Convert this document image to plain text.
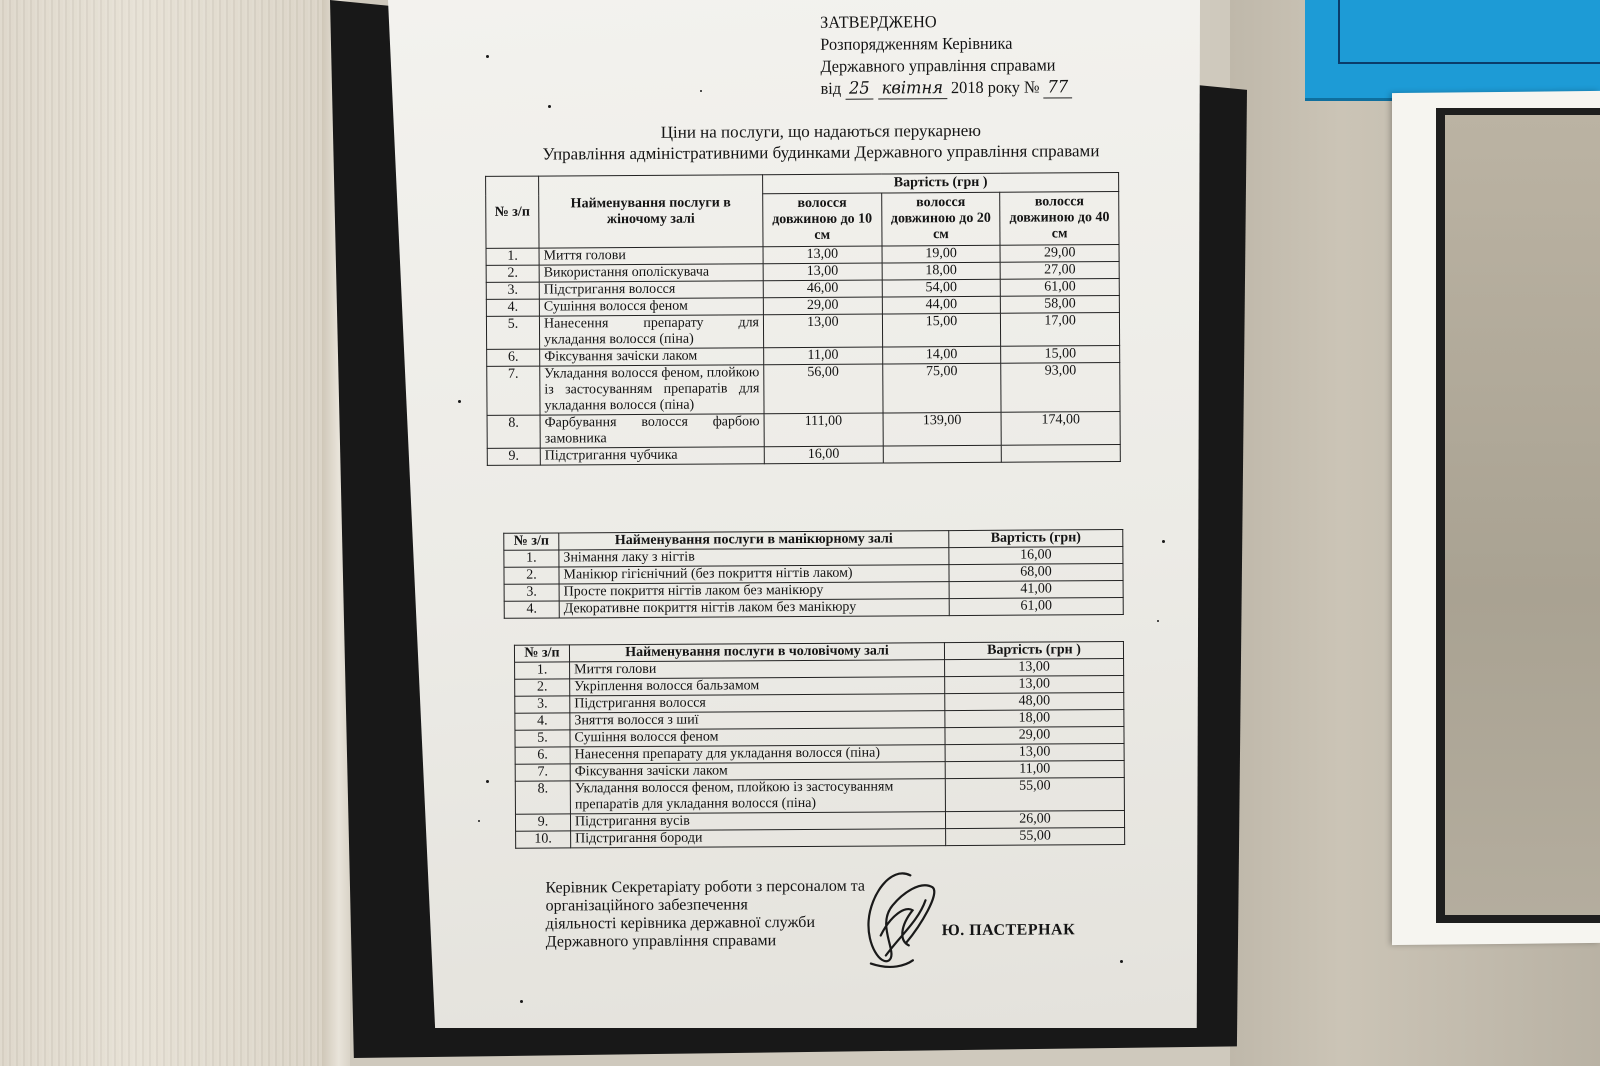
ЗАТВЕРДЖЕНО
Розпорядженням Керівника
Державного управління справами
від 25 квітня 2018 року № 77
Ціни на послуги, що надаються перукарнею
Управління адміністративними будинками Державного управління справами
№ з/п	Найменування послуги в жіночому залі	Вартість (грн )		
		волосся довжиною до 10 см	волосся довжиною до 20 см	волосся довжиною до 40 см
1.	Миття голови	13,00	19,00	29,00
2.	Використання ополіскувача	13,00	18,00	27,00
3.	Підстригання волосся	46,00	54,00	61,00
4.	Сушіння волосся феном	29,00	44,00	58,00
5.	Нанесення препарату для укладання волосся (піна)	13,00	15,00	17,00
6.	Фіксування зачіски лаком	11,00	14,00	15,00
7.	Укладання волосся феном, плойкою із застосуванням препаратів для укладання волосся (піна)	56,00	75,00	93,00
8.	Фарбування волосся фарбою замовника	111,00	139,00	174,00
9.	Підстригання чубчика	16,00		
№ з/п	Найменування послуги в манікюрному залі	Вартість (грн)
1.	Знімання лаку з нігтів	16,00
2.	Манікюр гігієнічний (без покриття нігтів лаком)	68,00
3.	Просте покриття нігтів лаком без манікюру	41,00
4.	Декоративне покриття нігтів лаком без манікюру	61,00
№ з/п	Найменування послуги в чоловічому залі	Вартість (грн )
1.	Миття голови	13,00
2.	Укріплення волосся бальзамом	13,00
3.	Підстригання волосся	48,00
4.	Зняття волосся з шиї	18,00
5.	Сушіння волосся феном	29,00
6.	Нанесення препарату для укладання волосся (піна)	13,00
7.	Фіксування зачіски лаком	11,00
8.	Укладання волосся феном, плойкою із застосуванням препаратів для укладання волосся (піна)	55,00
9.	Підстригання вусів	26,00
10.	Підстригання бороди	55,00
Керівник Секретаріату роботи з персоналом та
організаційного забезпечення
діяльності керівника державної служби
Державного управління справами
Ю. ПАСТЕРНАК
